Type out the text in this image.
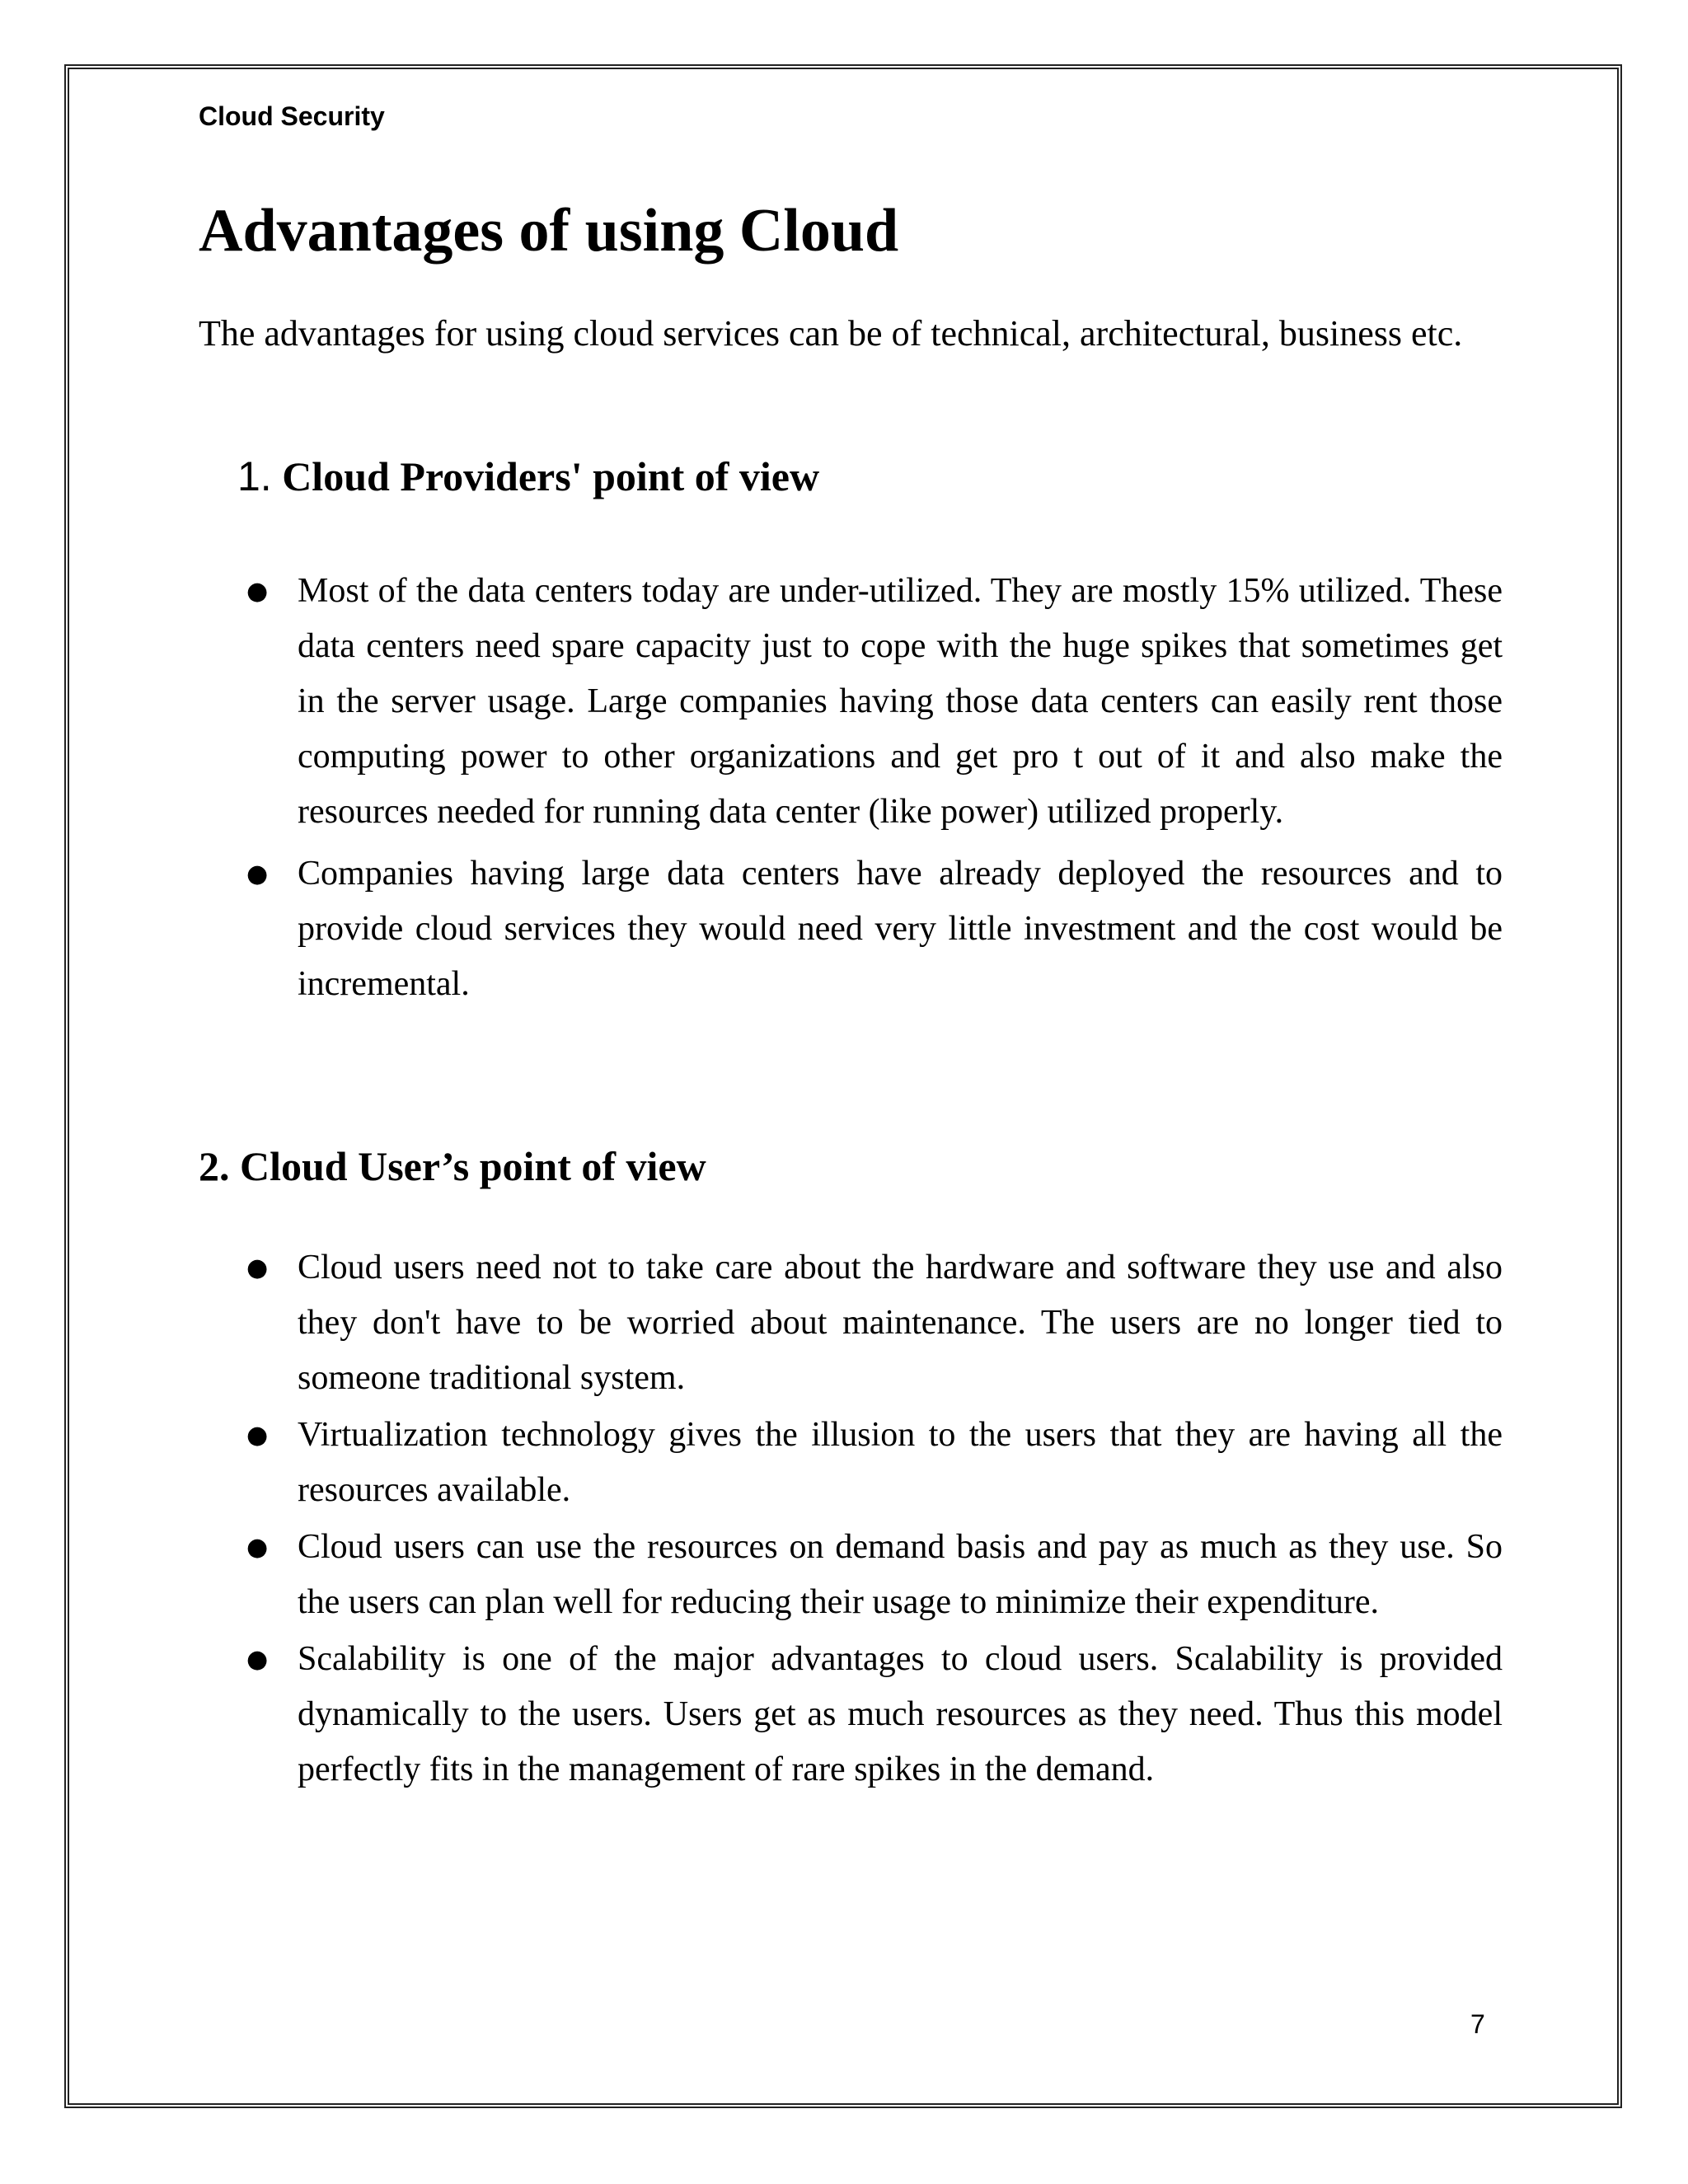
Cloud Security
Advantages of using Cloud

The advantages for using cloud services can be of technical, architectural, business etc.

1. Cloud Providers' point of view
● Most of the data centers today are under-utilized. They are mostly 15% utilized. These data centers need spare capacity just to cope with the huge spikes that sometimes get in the server usage. Large companies having those data centers can easily rent those computing power to other organizations and get pro t out of it and also make the resources needed for running data center (like power) utilized properly.
● Companies having large data centers have already deployed the resources and to provide cloud services they would need very little investment and the cost would be incremental.
2. Cloud User’s point of view
● Cloud users need not to take care about the hardware and software they use and also they don't have to be worried about maintenance. The users are no longer tied to someone traditional system.
● Virtualization technology gives the illusion to the users that they are having all the resources available.
● Cloud users can use the resources on demand basis and pay as much as they use. So the users can plan well for reducing their usage to minimize their expenditure.
● Scalability is one of the major advantages to cloud users. Scalability is provided dynamically to the users. Users get as much resources as they need. Thus this model perfectly fits in the management of rare spikes in the demand.
7
